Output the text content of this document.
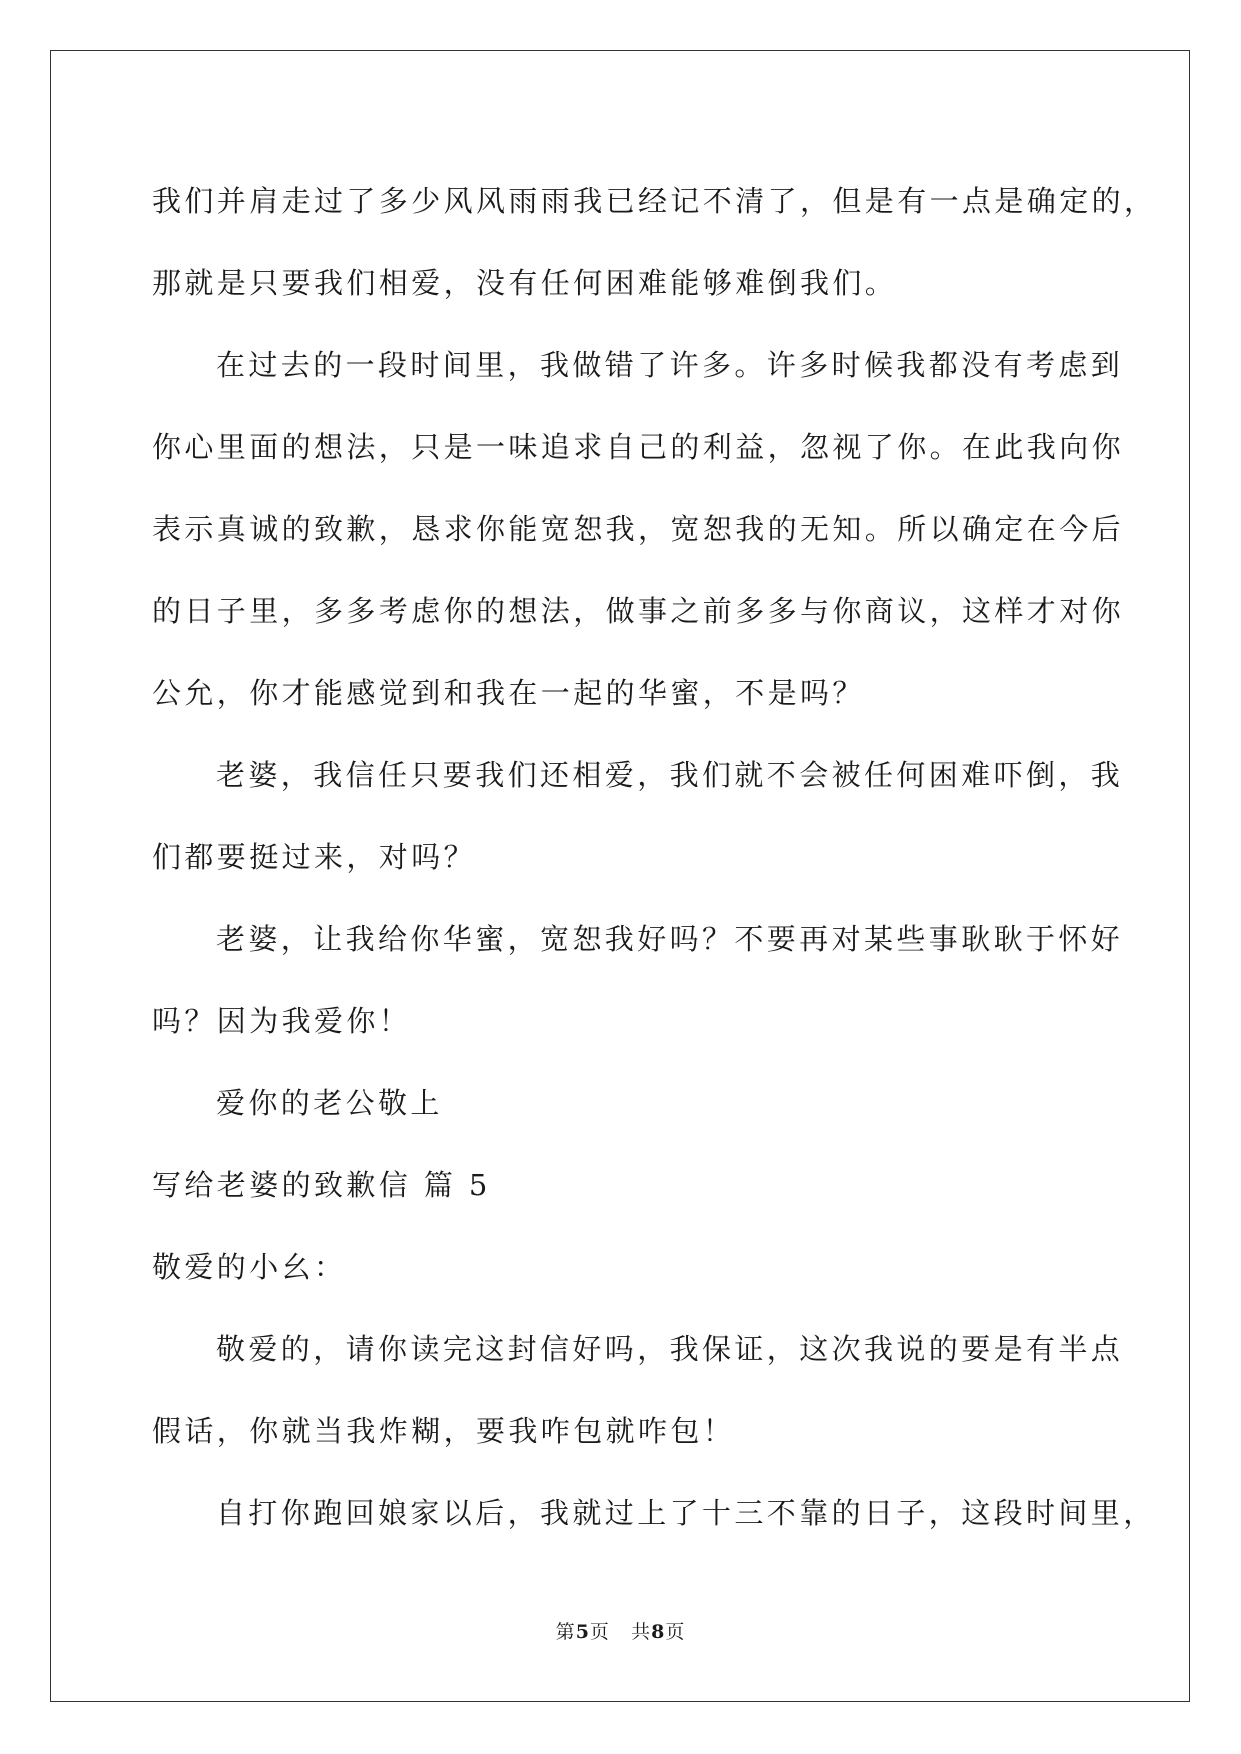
我们并肩走过了多少风风雨雨我已经记不清了，但是有一点是确定的，
那就是只要我们相爱，没有任何困难能够难倒我们。
在过去的一段时间里，我做错了许多。许多时候我都没有考虑到
你心里面的想法，只是一味追求自己的利益，忽视了你。在此我向你
表示真诚的致歉，恳求你能宽恕我，宽恕我的无知。所以确定在今后
的日子里，多多考虑你的想法，做事之前多多与你商议，这样才对你
公允，你才能感觉到和我在一起的华蜜，不是吗？
老婆，我信任只要我们还相爱，我们就不会被任何困难吓倒，我
们都要挺过来，对吗？
老婆，让我给你华蜜，宽恕我好吗？不要再对某些事耿耿于怀好
吗？因为我爱你！
爱你的老公敬上
写给老婆的致歉信 篇 5
敬爱的小幺：
敬爱的，请你读完这封信好吗，我保证，这次我说的要是有半点
假话，你就当我炸糊，要我咋包就咋包！
自打你跑回娘家以后，我就过上了十三不靠的日子，这段时间里，
第5页 共8页
